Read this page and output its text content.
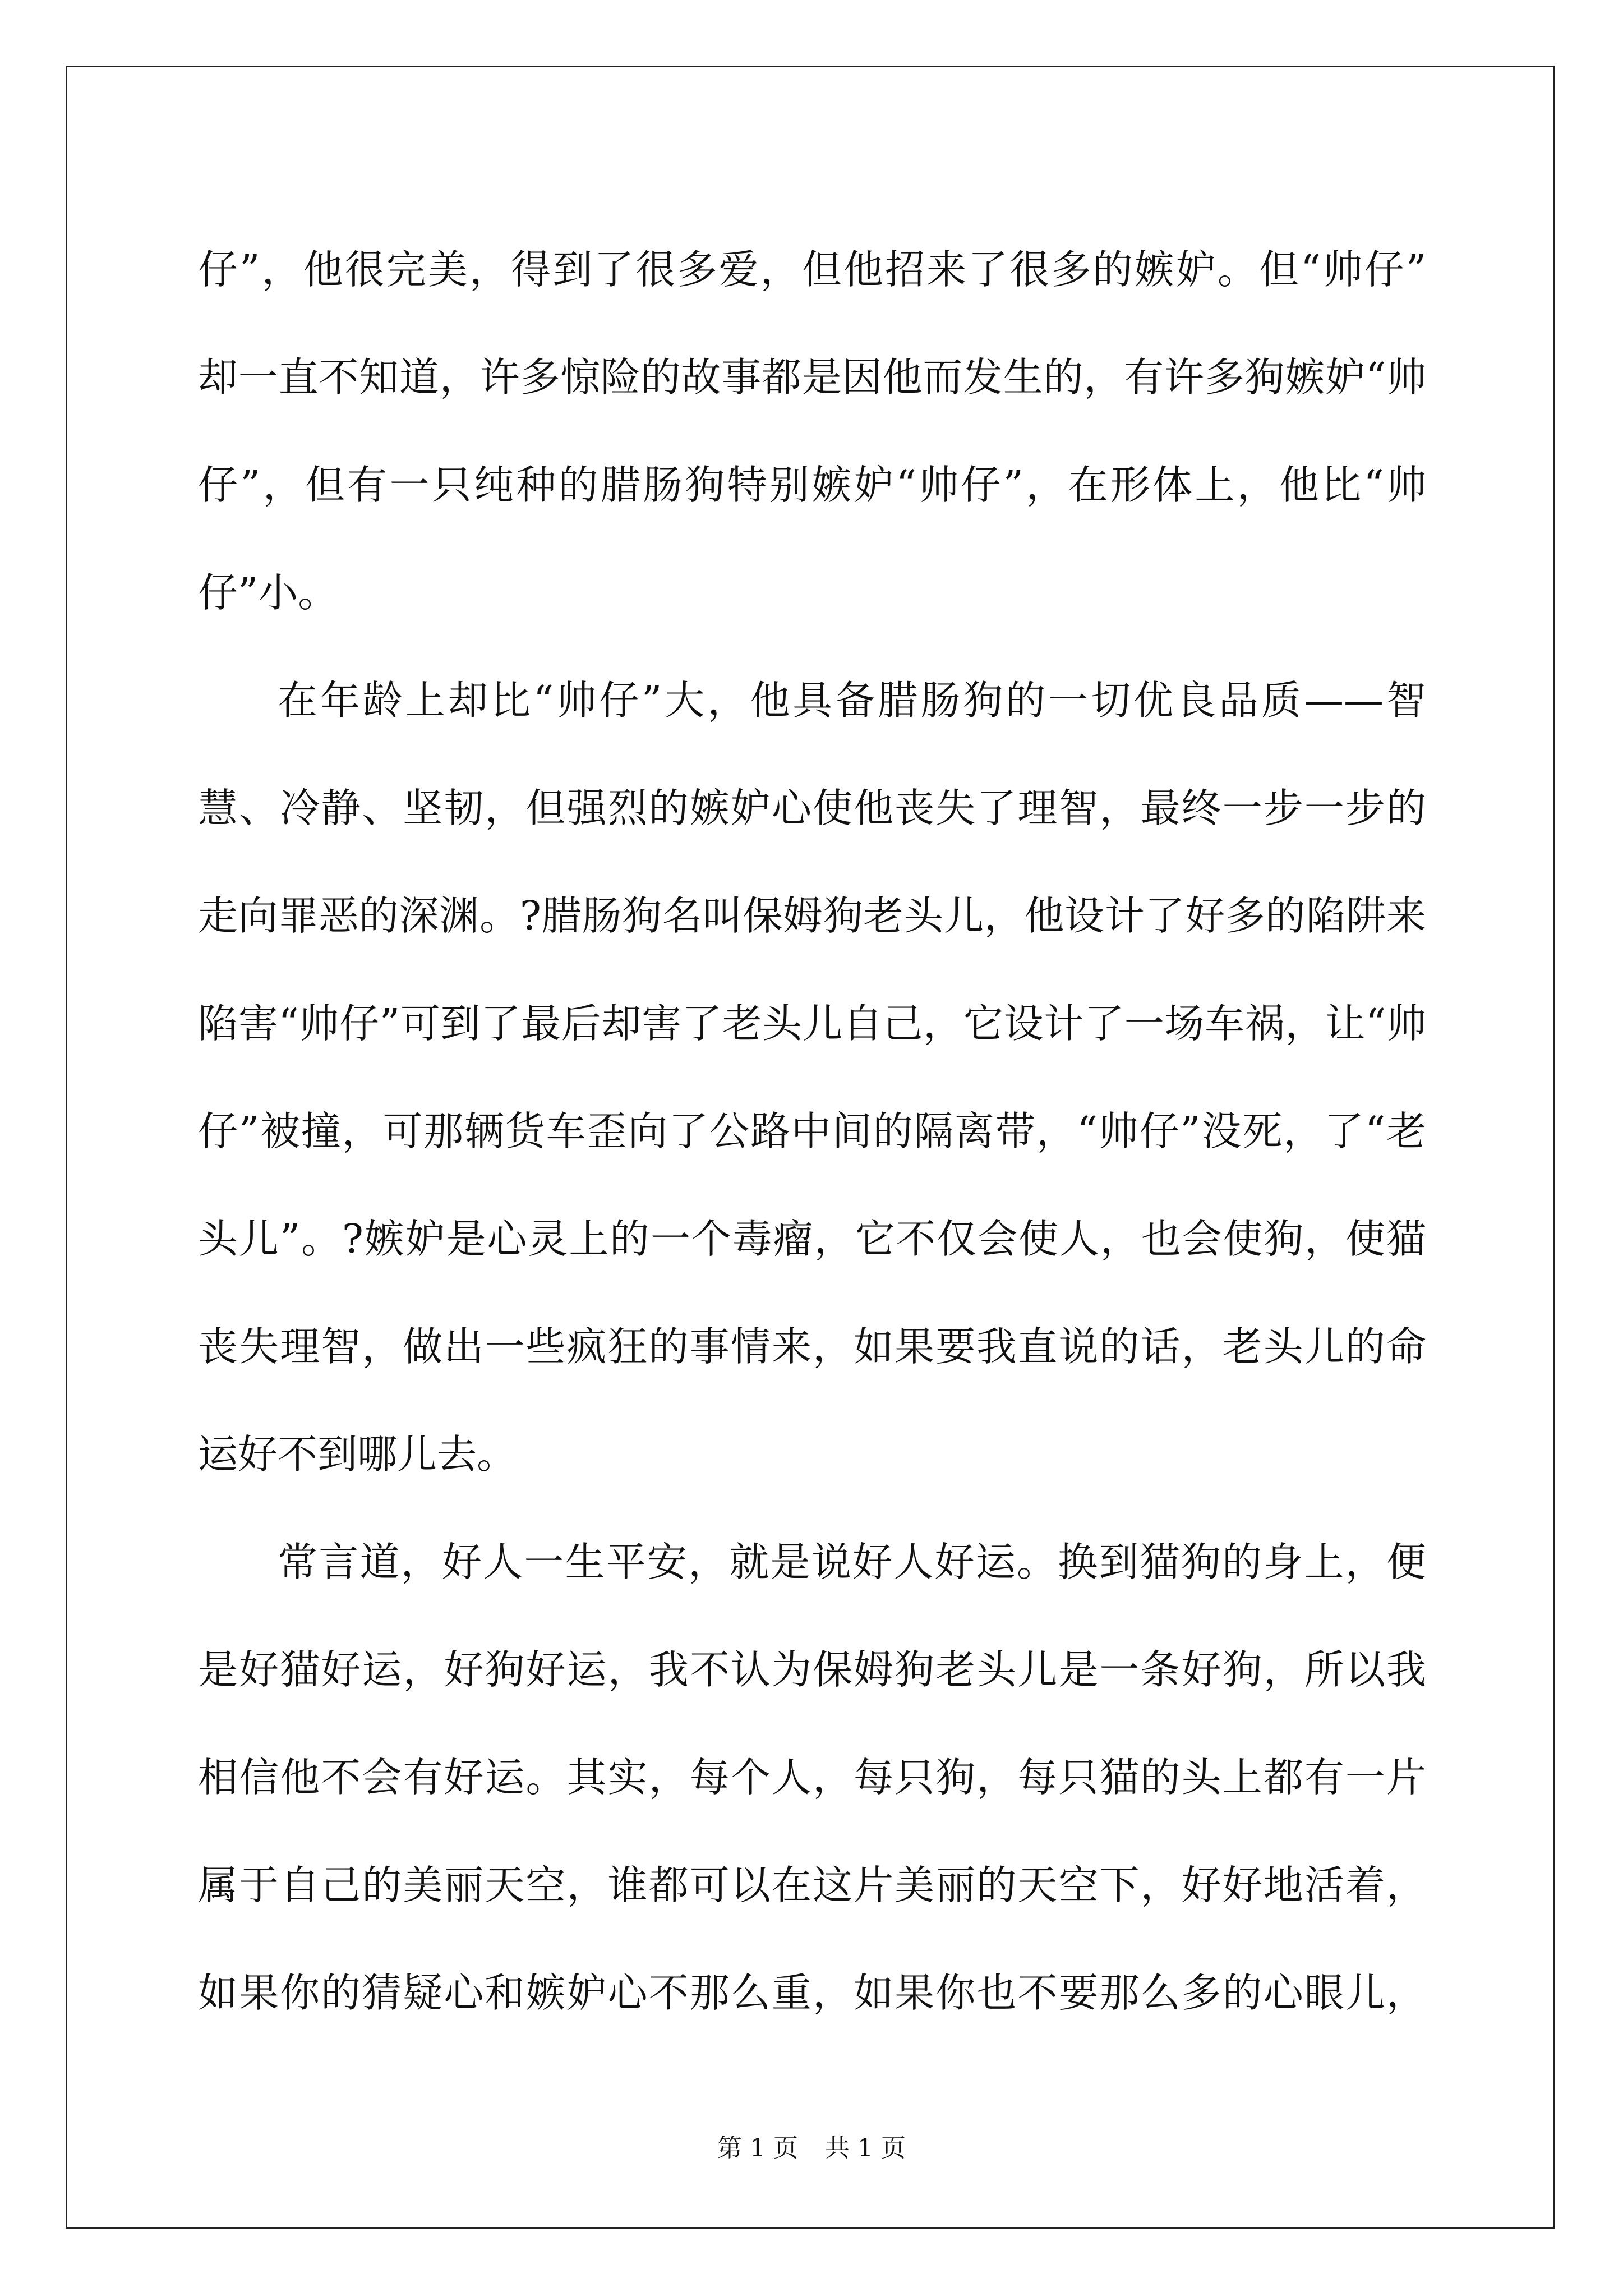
仔”，他很完美，得到了很多爱，但他招来了很多的嫉妒。但“帅仔”
却一直不知道，许多惊险的故事都是因他而发生的，有许多狗嫉妒“帅
仔”，但有一只纯种的腊肠狗特别嫉妒“帅仔”，在形体上，他比“帅
仔”小。
在年龄上却比“帅仔”大，他具备腊肠狗的一切优良品质——智
慧、冷静、坚韧，但强烈的嫉妒心使他丧失了理智，最终一步一步的
走向罪恶的深渊。?腊肠狗名叫保姆狗老头儿，他设计了好多的陷阱来
陷害“帅仔”可到了最后却害了老头儿自己，它设计了一场车祸，让“帅
仔”被撞，可那辆货车歪向了公路中间的隔离带，“帅仔”没死，了“老
头儿”。?嫉妒是心灵上的一个毒瘤，它不仅会使人，也会使狗，使猫
丧失理智，做出一些疯狂的事情来，如果要我直说的话，老头儿的命
运好不到哪儿去。
常言道，好人一生平安，就是说好人好运。换到猫狗的身上，便
是好猫好运，好狗好运，我不认为保姆狗老头儿是一条好狗，所以我
相信他不会有好运。其实，每个人，每只狗，每只猫的头上都有一片
属于自己的美丽天空，谁都可以在这片美丽的天空下，好好地活着，
如果你的猜疑心和嫉妒心不那么重，如果你也不要那么多的心眼儿，
第 1 页 共 1 页
